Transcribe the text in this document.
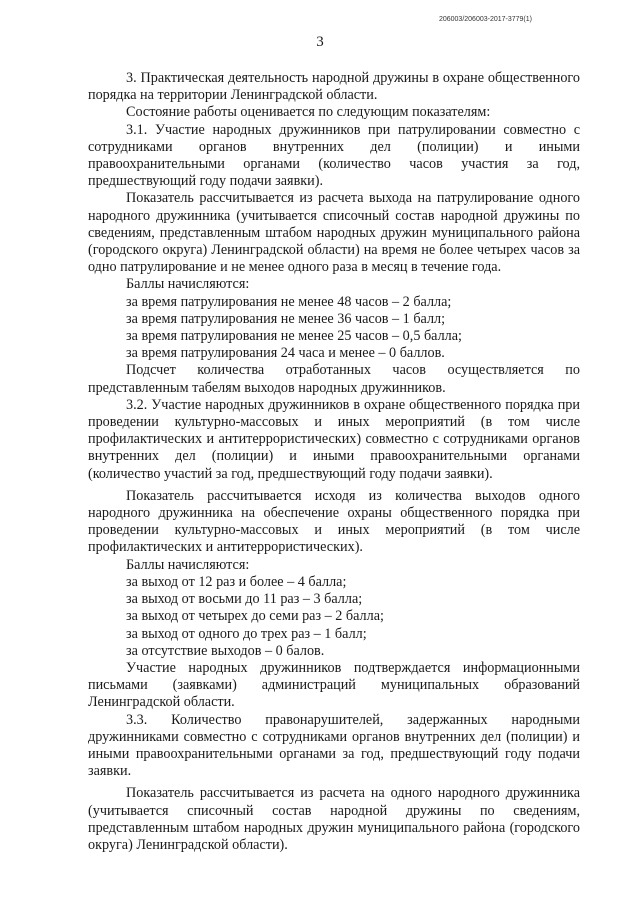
206003/206003-2017-3779(1)
3

3. Практическая деятельность народной дружины в охране общественного порядка на территории Ленинградской области.

Состояние работы оценивается по следующим показателям:

3.1. Участие народных дружинников при патрулировании совместно с сотрудниками органов внутренних дел (полиции) и иными правоохранительными органами (количество часов участия за год, предшествующий году подачи заявки).

Показатель рассчитывается из расчета выхода на патрулирование одного народного дружинника (учитывается списочный состав народной дружины по сведениям, представленным штабом народных дружин муниципального района (городского округа) Ленинградской области) на время не более четырех часов за одно патрулирование и не менее одного раза в месяц в течение года.

Баллы начисляются:

за время патрулирования не менее 48 часов – 2 балла;

за время патрулирования не менее 36 часов – 1 балл;

за время патрулирования не менее 25 часов – 0,5 балла;

за время патрулирования 24 часа и менее – 0 баллов.

Подсчет количества отработанных часов осуществляется по представленным табелям выходов народных дружинников.

3.2. Участие народных дружинников в охране общественного порядка при проведении культурно-массовых и иных мероприятий (в том числе профилактических и антитеррористических) совместно с сотрудниками органов внутренних дел (полиции) и иными правоохранительными органами (количество участий за год, предшествующий году подачи заявки).

Показатель рассчитывается исходя из количества выходов одного народного дружинника на обеспечение охраны общественного порядка при проведении культурно-массовых и иных мероприятий (в том числе профилактических и антитеррористических).

Баллы начисляются:

за выход от 12 раз и более – 4 балла;

за выход от восьми до 11 раз – 3 балла;

за выход от четырех до семи раз – 2 балла;

за выход от одного до трех раз – 1 балл;

за отсутствие выходов – 0 балов.

Участие народных дружинников подтверждается информационными письмами (заявками) администраций муниципальных образований Ленинградской области.

3.3. Количество правонарушителей, задержанных народными дружинниками совместно с сотрудниками органов внутренних дел (полиции) и иными правоохранительными органами за год, предшествующий году подачи заявки.

Показатель рассчитывается из расчета на одного народного дружинника (учитывается списочный состав народной дружины по сведениям, представленным штабом народных дружин муниципального района (городского округа) Ленинградской области).
